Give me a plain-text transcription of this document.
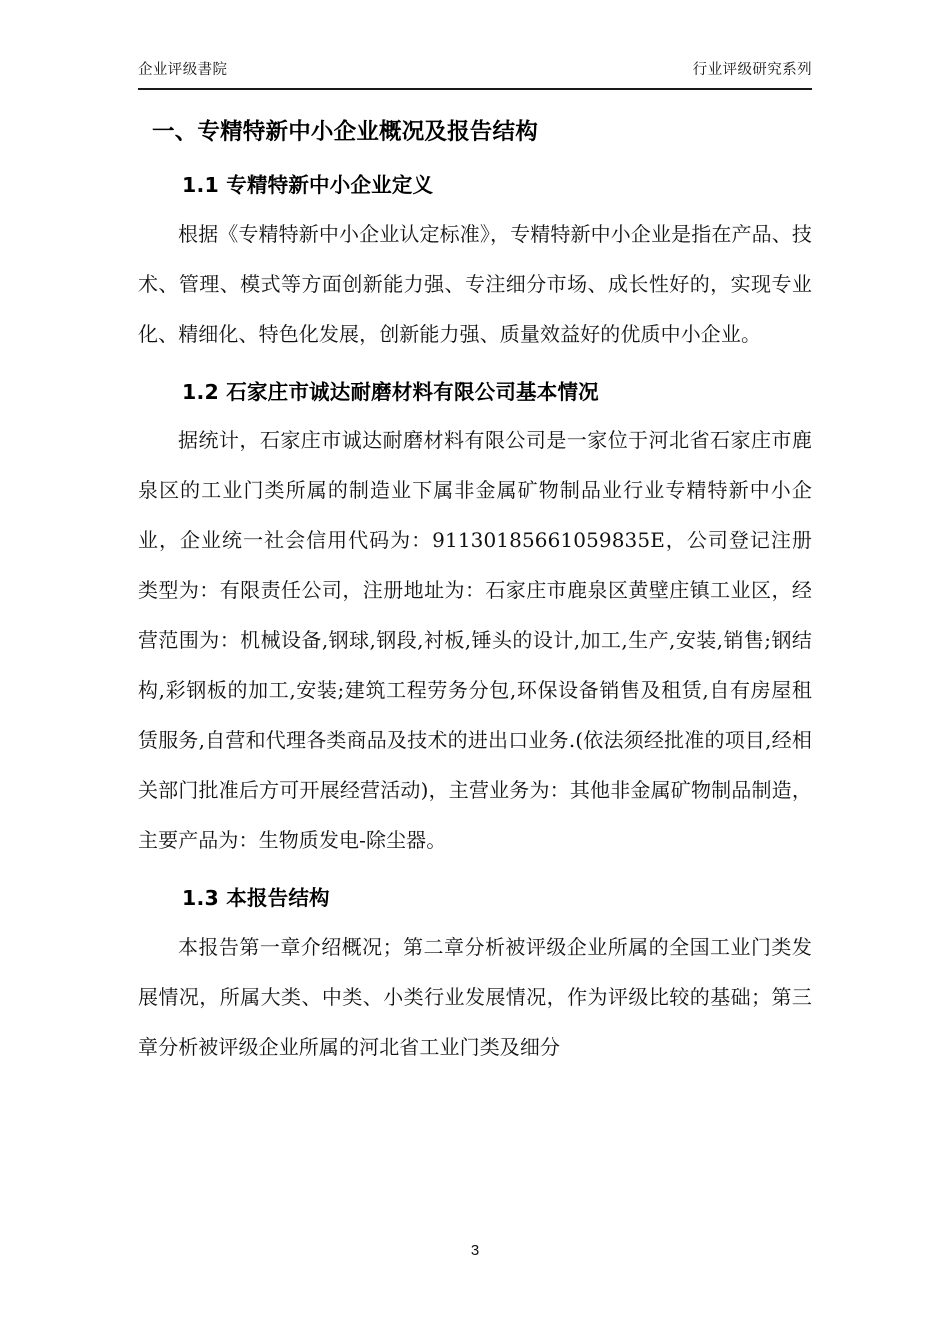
企业评级書院	行业评级研究系列
一、专精特新中小企业概况及报告结构
1.1 专精特新中小企业定义

根据《专精特新中小企业认定标准》，专精特新中小企业是指在产品、技术、管理、模式等方面创新能力强、专注细分市场、成长性好的，实现专业化、精细化、特色化发展，创新能力强、质量效益好的优质中小企业。

1.2 石家庄市诚达耐磨材料有限公司基本情况

据统计，石家庄市诚达耐磨材料有限公司是一家位于河北省石家庄市鹿泉区的工业门类所属的制造业下属非金属矿物制品业行业专精特新中小企业，企业统一社会信用代码为：91130185661059835E，公司登记注册类型为：有限责任公司，注册地址为：石家庄市鹿泉区黄壁庄镇工业区，经营范围为：机械设备,钢球,钢段,衬板,锤头的设计,加工,生产,安装,销售;钢结构,彩钢板的加工,安装;建筑工程劳务分包,环保设备销售及租赁,自有房屋租赁服务,自营和代理各类商品及技术的进出口业务.(依法须经批准的项目,经相关部门批准后方可开展经营活动)，主营业务为：其他非金属矿物制品制造，主要产品为：生物质发电-除尘器。

1.3 本报告结构

本报告第一章介绍概况；第二章分析被评级企业所属的全国工业门类发展情况，所属大类、中类、小类行业发展情况，作为评级比较的基础；第三章分析被评级企业所属的河北省工业门类及细分

3
